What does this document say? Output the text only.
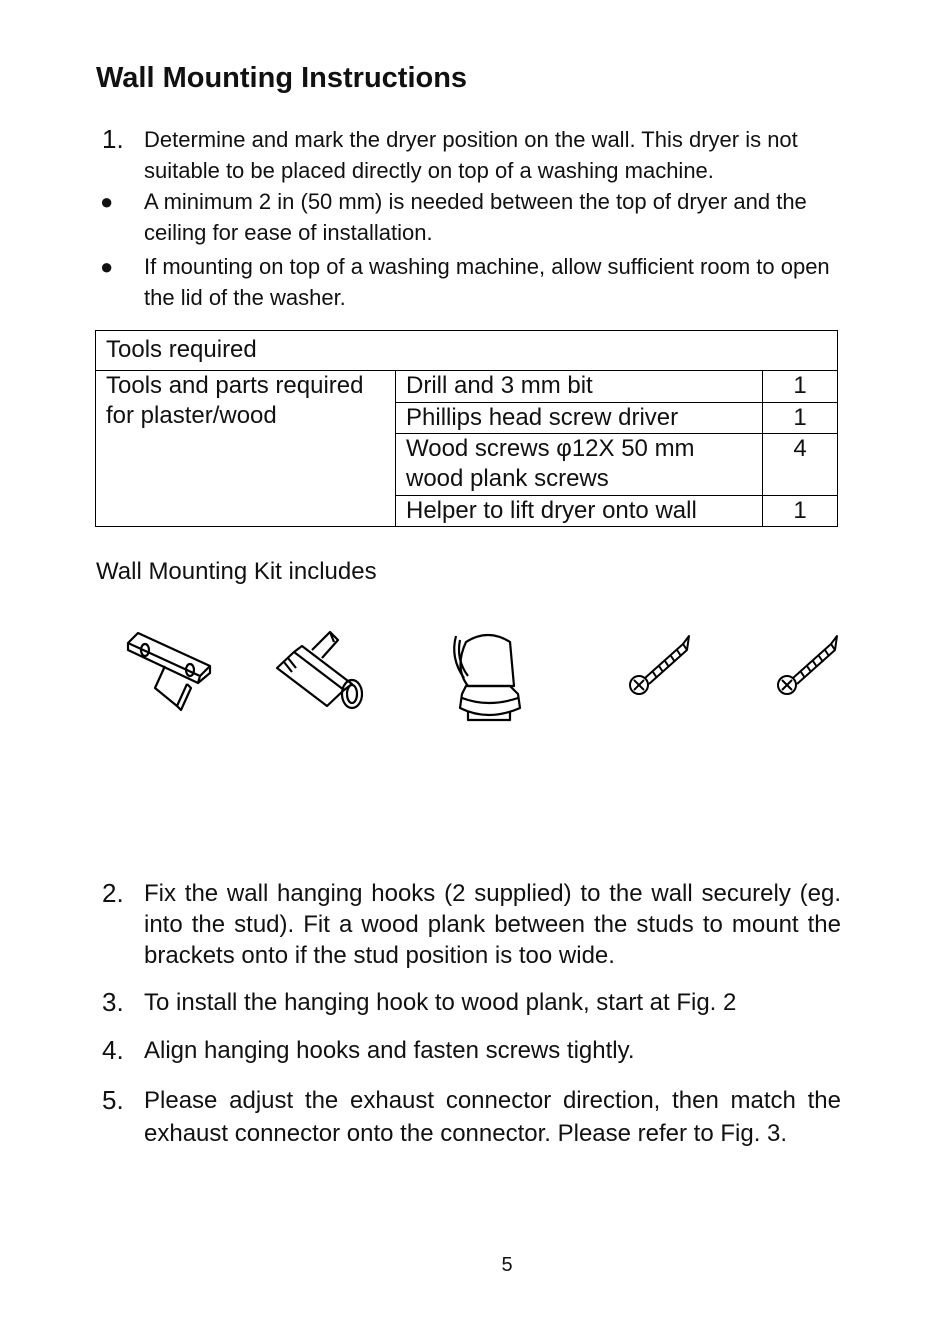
Wall Mounting Instructions
1. Determine and mark the dryer position on the wall. This dryer is not suitable to be placed directly on top of a washing machine.
● A minimum 2 in (50 mm) is needed between the top of dryer and the ceiling for ease of installation.
● If mounting on top of a washing machine, allow sufficient room to open the lid of the washer.
Tools required		
Tools and parts required for plaster/wood	Drill and 3 mm bit	1
	Phillips head screw driver	1
	Wood screws φ12X 50 mm wood plank screws	4
	Helper to lift dryer onto wall	1
Wall Mounting Kit includes
2. Fix the wall hanging hooks (2 supplied) to the wall securely (eg. into the stud). Fit a wood plank between the studs to mount the brackets onto if the stud position is too wide.
3. To install the hanging hook to wood plank, start at Fig. 2
4. Align hanging hooks and fasten screws tightly.
5. Please adjust the exhaust connector direction, then match the exhaust connector onto the connector. Please refer to Fig. 3.
5
